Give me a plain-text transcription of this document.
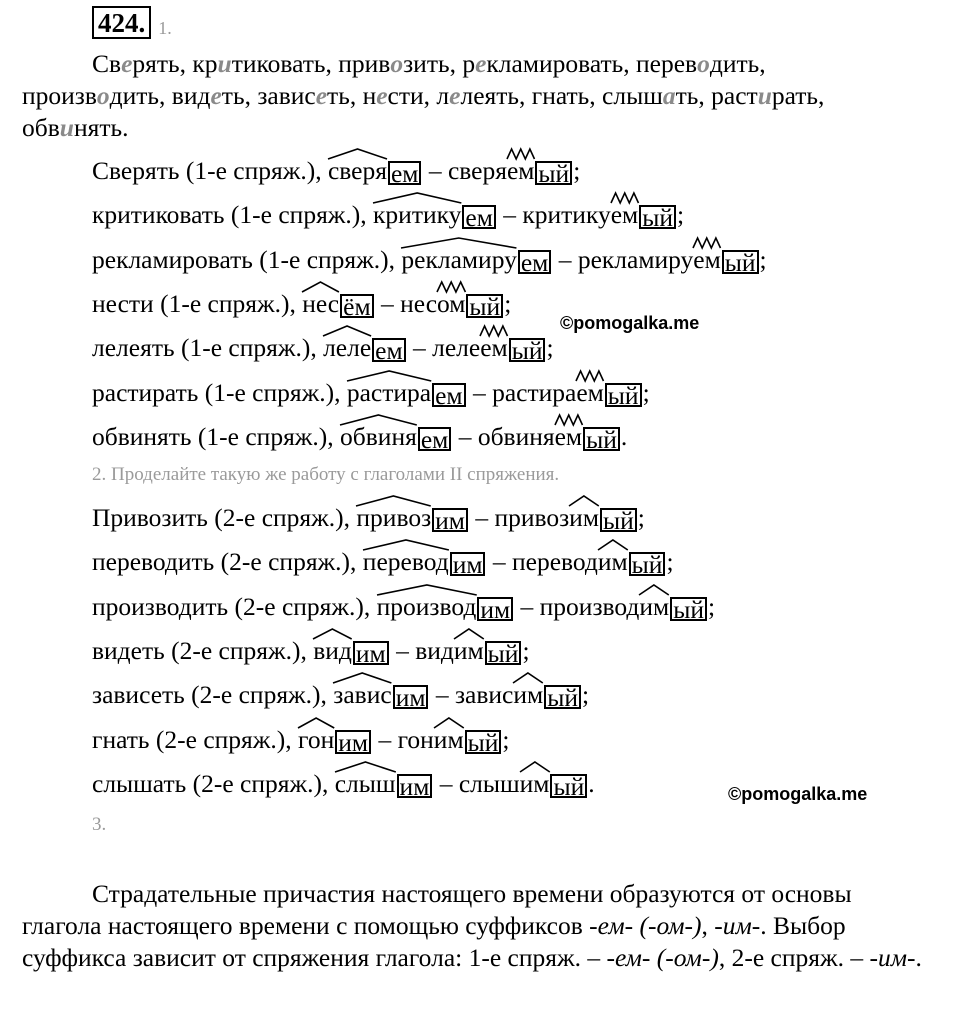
424. 1.
Сверять, критиковать, привозить, рекламировать, переводить,
производить, видеть, зависеть, нести, лелеять, гнать, слышать, растирать,
обвинять.
Сверять (1-е спряж.), сверя ем – сверяем ый ;
критиковать (1-е спряж.), критику ем – критикуем ый ;
рекламировать (1-е спряж.), рекламиру ем – рекламируем ый ;
нести (1-е спряж.), нес ём – несом ый ;
лелеять (1-е спряж.), леле ем – лелеем ый ;
растирать (1-е спряж.), растира ем – растираем ый ;
обвинять (1-е спряж.), обвиня ем – обвиняем ый .
2. Проделайте такую же работу с глаголами II спряжения.
Привозить (2-е спряж.), привоз им – привозим ый ;
переводить (2-е спряж.), перевод им – переводим ый ;
производить (2-е спряж.), производ им – производим ый ;
видеть (2-е спряж.), вид им – видим ый ;
зависеть (2-е спряж.), завис им – зависим ый ;
гнать (2-е спряж.), гон им – гоним ый ;
слышать (2-е спряж.), слыш им – слышим ый .
3.
©pomogalka.me
©pomogalka.me
Страдательные причастия настоящего времени образуются от основы глагола настоящего времени с помощью суффиксов -ем- (-ом-), -им-. Выбор суффикса зависит от спряжения глагола: 1-е спряж. – -ем- (-ом-), 2-е спряж. – -им-.
